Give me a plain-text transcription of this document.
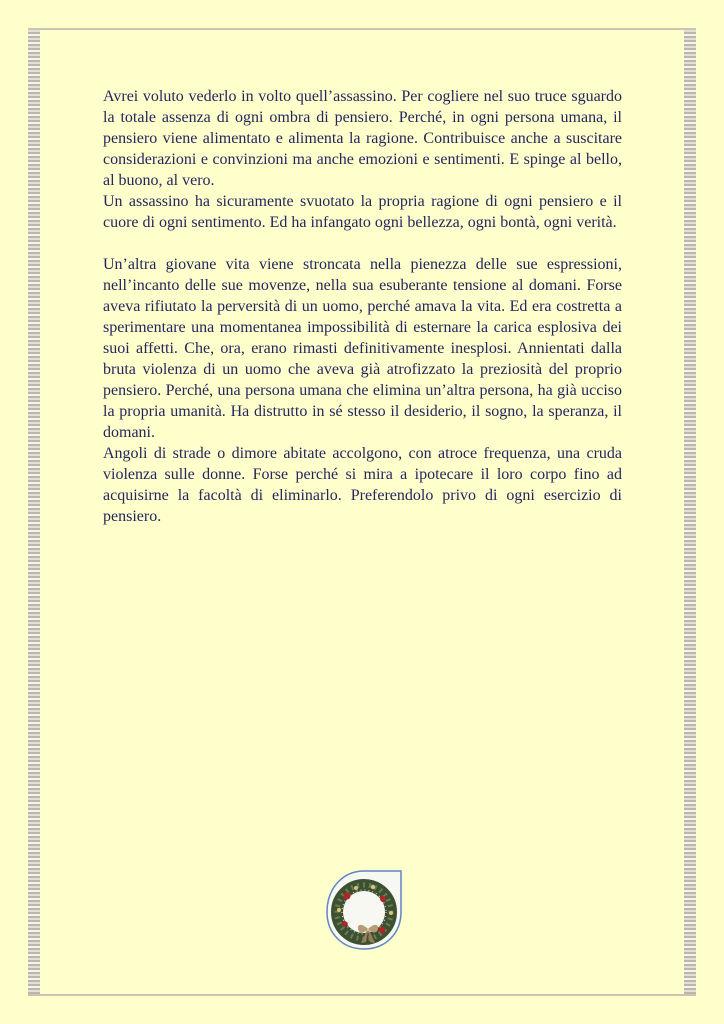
Avrei voluto vederlo in volto quell’assassino. Per cogliere nel suo truce sguardo la totale assenza di ogni ombra di pensiero. Perché, in ogni persona umana, il pensiero viene alimentato e alimenta la ragione. Contribuisce anche a suscitare considerazioni e convinzioni ma anche emozioni e sentimenti. E spinge al bello, al buono, al vero.

Un assassino ha sicuramente svuotato la propria ragione di ogni pensiero e il cuore di ogni sentimento. Ed ha infangato ogni bellezza, ogni bontà, ogni verità.

Un’altra giovane vita viene stroncata nella pienezza delle sue espressioni, nell’incanto delle sue movenze, nella sua esuberante tensione al domani. Forse aveva rifiutato la perversità di un uomo, perché amava la vita. Ed era costretta a sperimentare una momentanea impossibilità di esternare la carica esplosiva dei suoi affetti. Che, ora, erano rimasti definitivamente inesplosi. Annientati dalla bruta violenza di un uomo che aveva già atrofizzato la preziosità del proprio pensiero. Perché, una persona umana che elimina un’altra persona, ha già ucciso la propria umanità. Ha distrutto in sé stesso il desiderio, il sogno, la speranza, il domani.

Angoli di strade o dimore abitate accolgono, con atroce frequenza, una cruda violenza sulle donne. Forse perché si mira a ipotecare il loro corpo fino ad acquisirne la facoltà di eliminarlo. Preferendolo privo di ogni esercizio di pensiero.
